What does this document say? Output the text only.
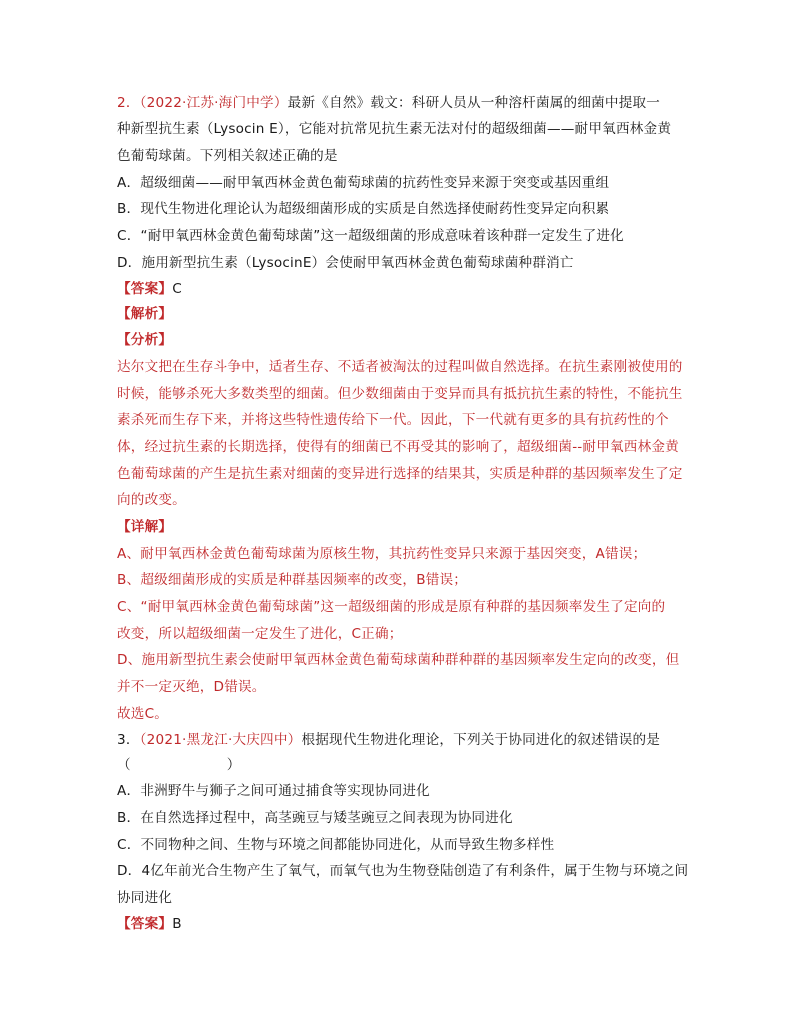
2．（2022·江苏·海门中学）最新《自然》载文：科研人员从一种溶杆菌属的细菌中提取一
种新型抗生素（Lysocin E），它能对抗常见抗生素无法对付的超级细菌——耐甲氧西林金黄
色葡萄球菌。下列相关叙述正确的是
A．超级细菌——耐甲氧西林金黄色葡萄球菌的抗药性变异来源于突变或基因重组
B．现代生物进化理论认为超级细菌形成的实质是自然选择使耐药性变异定向积累
C．“耐甲氧西林金黄色葡萄球菌”这一超级细菌的形成意味着该种群一定发生了进化
D．施用新型抗生素（LysocinE）会使耐甲氧西林金黄色葡萄球菌种群消亡
【答案】C
【解析】
【分析】
达尔文把在生存斗争中，适者生存、不适者被淘汰的过程叫做自然选择。在抗生素刚被使用的
时候，能够杀死大多数类型的细菌。但少数细菌由于变异而具有抵抗抗生素的特性，不能抗生
素杀死而生存下来，并将这些特性遗传给下一代。因此，下一代就有更多的具有抗药性的个
体，经过抗生素的长期选择，使得有的细菌已不再受其的影响了，超级细菌--耐甲氧西林金黄
色葡萄球菌的产生是抗生素对细菌的变异进行选择的结果其，实质是种群的基因频率发生了定
向的改变。
【详解】
A、耐甲氧西林金黄色葡萄球菌为原核生物，其抗药性变异只来源于基因突变，A错误；
B、超级细菌形成的实质是种群基因频率的改变，B错误；
C、“耐甲氧西林金黄色葡萄球菌”这一超级细菌的形成是原有种群的基因频率发生了定向的
改变，所以超级细菌一定发生了进化，C正确；
D、施用新型抗生素会使耐甲氧西林金黄色葡萄球菌种群种群的基因频率发生定向的改变，但
并不一定灭绝，D错误。
故选C。
3．（2021·黑龙江·大庆四中）根据现代生物进化理论，下列关于协同进化的叙述错误的是
（	）
A．非洲野牛与狮子之间可通过捕食等实现协同进化
B．在自然选择过程中，高茎豌豆与矮茎豌豆之间表现为协同进化
C．不同物种之间、生物与环境之间都能协同进化，从而导致生物多样性
D．4亿年前光合生物产生了氧气，而氧气也为生物登陆创造了有利条件，属于生物与环境之间
协同进化
【答案】B
